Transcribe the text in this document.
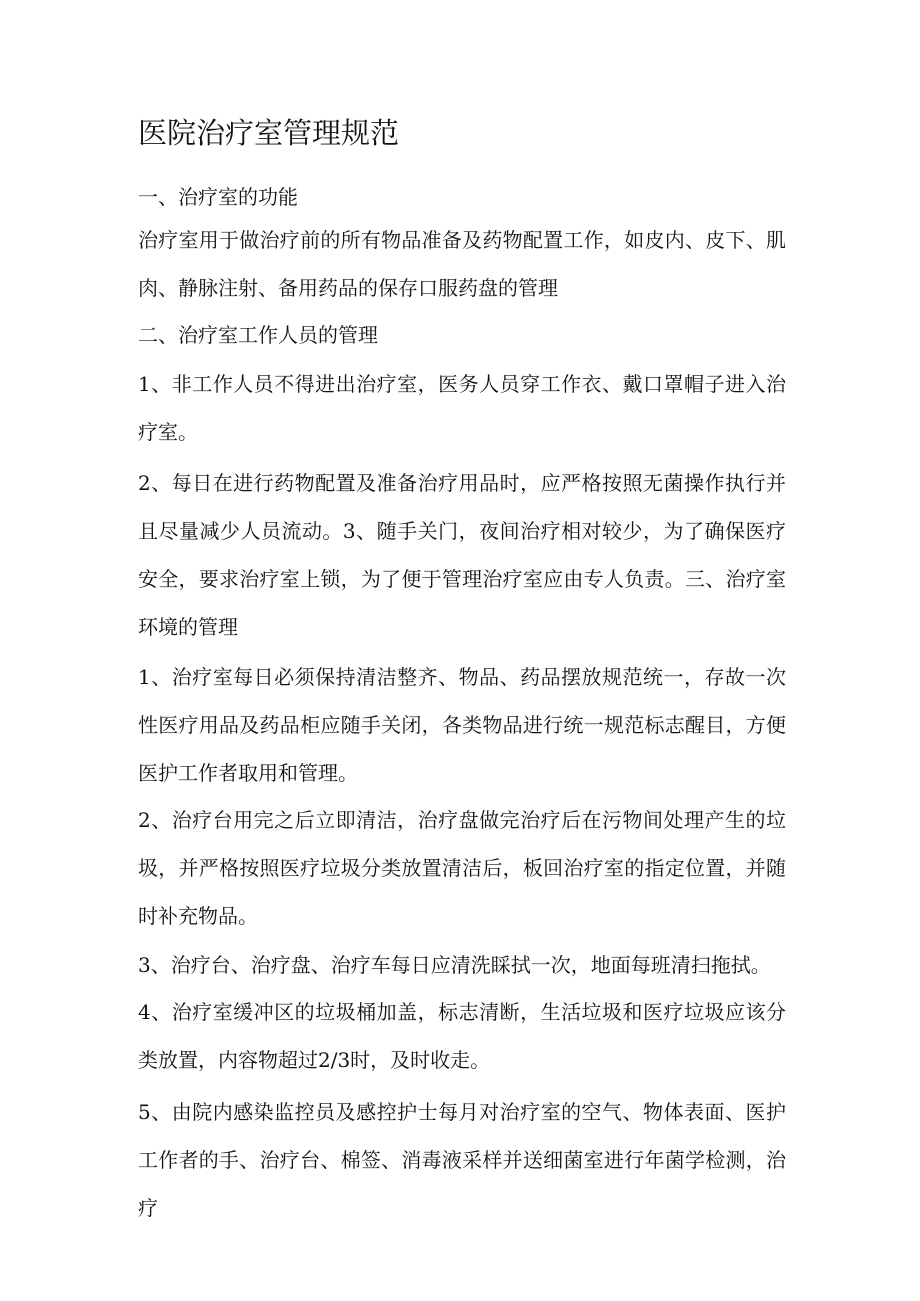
医院治疗室管理规范

一、治疗室的功能

治疗室用于做治疗前的所有物品准备及药物配置工作，如皮内、皮下、肌肉、静脉注射、备用药品的保存口服药盘的管理

二、治疗室工作人员的管理

1、非工作人员不得进出治疗室，医务人员穿工作衣、戴口罩帽子进入治疗室。

2、每日在进行药物配置及准备治疗用品时，应严格按照无菌操作执行并且尽量减少人员流动。3、随手关门，夜间治疗相对较少，为了确保医疗安全，要求治疗室上锁，为了便于管理治疗室应由专人负责。三、治疗室环境的管理

1、治疗室每日必须保持清洁整齐、物品、药品摆放规范统一，存故一次性医疗用品及药品柜应随手关闭，各类物品进行统一规范标志醒目，方便医护工作者取用和管理。

2、治疗台用完之后立即清洁，治疗盘做完治疗后在污物间处理产生的垃圾，并严格按照医疗垃圾分类放置清洁后，板回治疗室的指定位置，并随时补充物品。

3、治疗台、治疗盘、治疗车每日应清洗睬拭一次，地面每班清扫拖拭。

4、治疗室缓冲区的垃圾桶加盖，标志清断，生活垃圾和医疗垃圾应该分类放置，内容物超过2/3时，及时收走。

5、由院内感染监控员及感控护士每月对治疗室的空气、物体表面、医护工作者的手、治疗台、棉签、消毒液采样并送细菌室进行年菌学检测，治疗
